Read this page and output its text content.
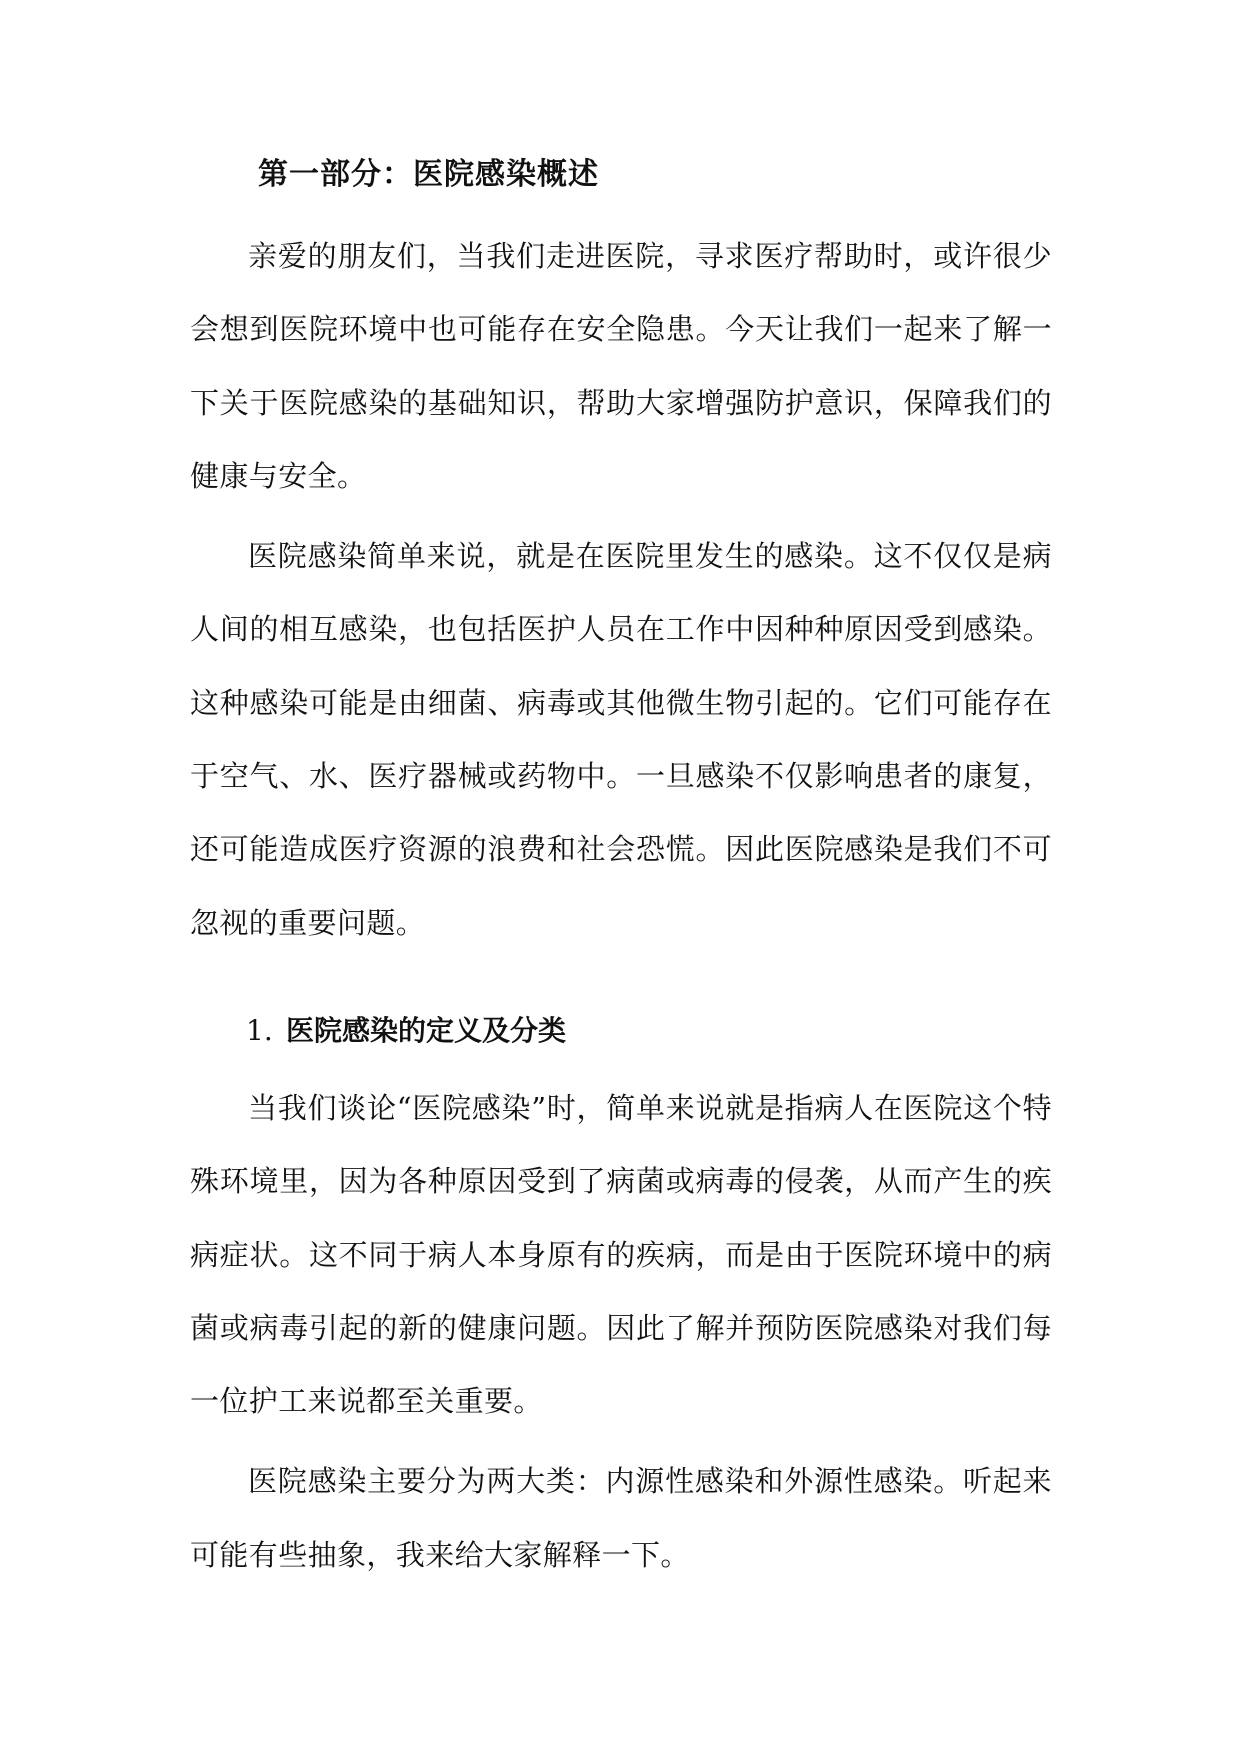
第一部分：医院感染概述

亲爱的朋友们，当我们走进医院，寻求医疗帮助时，或许很少会想到医院环境中也可能存在安全隐患。今天让我们一起来了解一下关于医院感染的基础知识，帮助大家增强防护意识，保障我们的健康与安全。

医院感染简单来说，就是在医院里发生的感染。这不仅仅是病人间的相互感染，也包括医护人员在工作中因种种原因受到感染。这种感染可能是由细菌、病毒或其他微生物引起的。它们可能存在于空气、水、医疗器械或药物中。一旦感染不仅影响患者的康复，还可能造成医疗资源的浪费和社会恐慌。因此医院感染是我们不可忽视的重要问题。

1. 医院感染的定义及分类

当我们谈论“医院感染”时，简单来说就是指病人在医院这个特殊环境里，因为各种原因受到了病菌或病毒的侵袭，从而产生的疾病症状。这不同于病人本身原有的疾病，而是由于医院环境中的病菌或病毒引起的新的健康问题。因此了解并预防医院感染对我们每一位护工来说都至关重要。

医院感染主要分为两大类：内源性感染和外源性感染。听起来可能有些抽象，我来给大家解释一下。
